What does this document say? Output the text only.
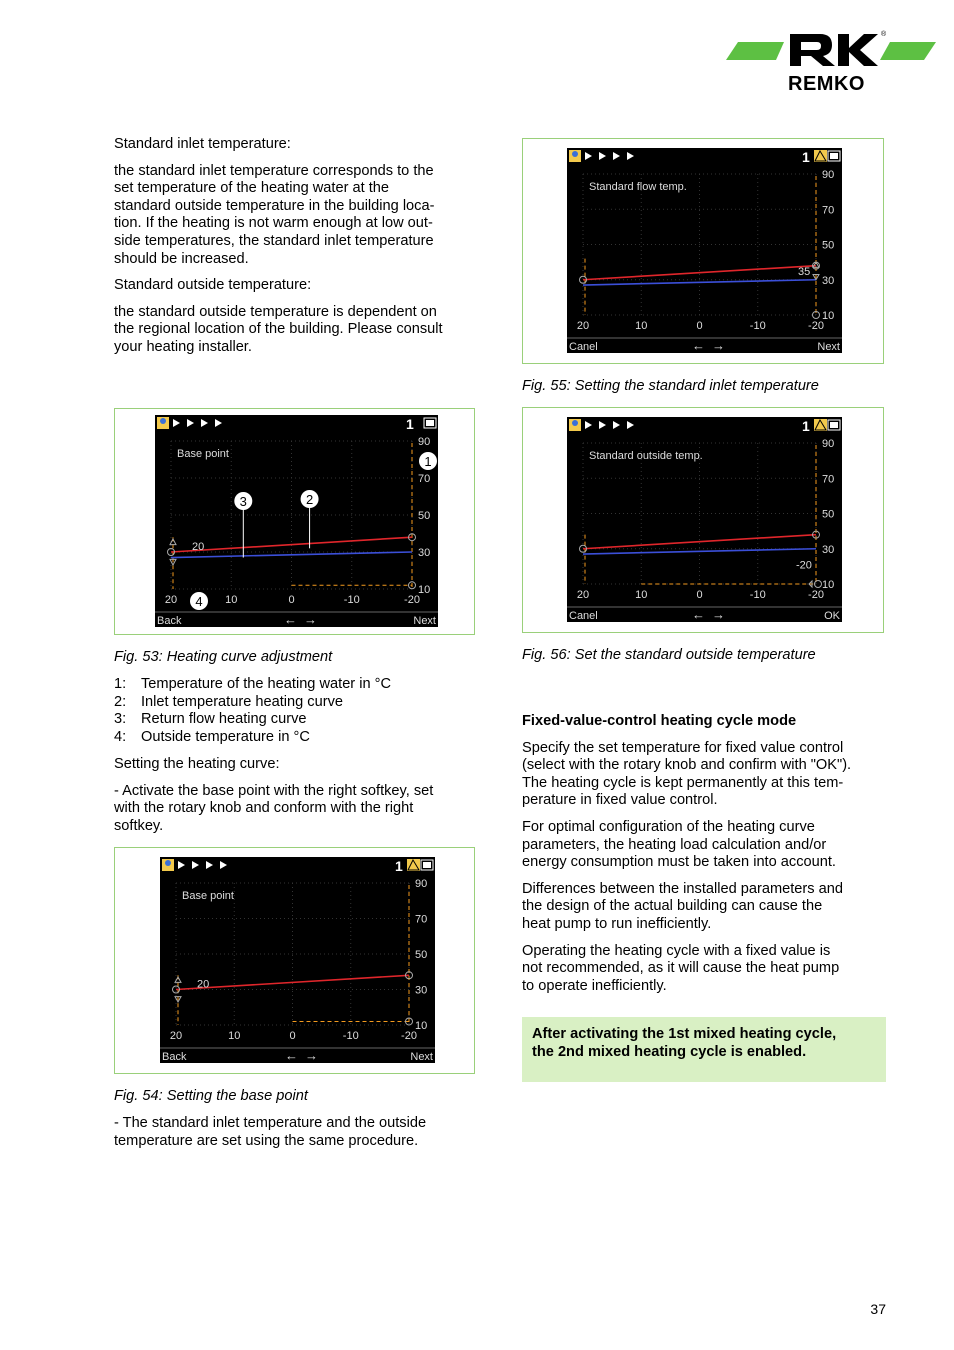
REMKO
®

Standard inlet temperature:

the standard inlet temperature corresponds to the

set temperature of the heating water at the

standard outside temperature in the building loca-

tion. If the heating is not warm enough at low out-

side temperatures, the standard inlet temperature

should be increased.

Standard outside temperature:

the standard outside temperature is dependent on

the regional location of the building. Please consult

your heating installer.

1
Base point
90
70
50
30
10
20	10	0	-10	-20
20
1
2
3
4
Back	Next
← →

Fig. 53: Heating curve adjustment

1:	Temperature of the heating water in °C
2:	Inlet temperature heating curve
3:	Return flow heating curve
4:	Outside temperature in °C

Setting the heating curve:

- Activate the base point with the right softkey, set

with the rotary knob and conform with the right

softkey.

1
Base point
90
70
50
30
10
20	10	0	-10	-20
20
Back	Next
← →

Fig. 54: Setting the base point

- The standard inlet temperature and the outside

temperature are set using the same procedure.

1
Standard flow temp.
90
70
50
30
10
20	10	0	-10	-20
35
Canel	Next
← →

Fig. 55: Setting the standard inlet temperature

1
Standard outside temp.
90
70
50
30
10
20	10	0	-10	-20
-20
Canel	OK
← →

Fig. 56: Set the standard outside temperature

Fixed-value-control heating cycle mode

Specify the set temperature for fixed value control

(select with the rotary knob and confirm with "OK").

The heating cycle is kept permanently at this tem-

perature in fixed value control.

For optimal configuration of the heating curve

parameters, the heating load calculation and/or

energy consumption must be taken into account.

Differences between the installed parameters and

the design of the actual building can cause the

heat pump to run inefficiently.

Operating the heating cycle with a fixed value is

not recommended, as it will cause the heat pump

to operate inefficiently.

After activating the 1st mixed heating cycle,

the 2nd mixed heating cycle is enabled.

37
